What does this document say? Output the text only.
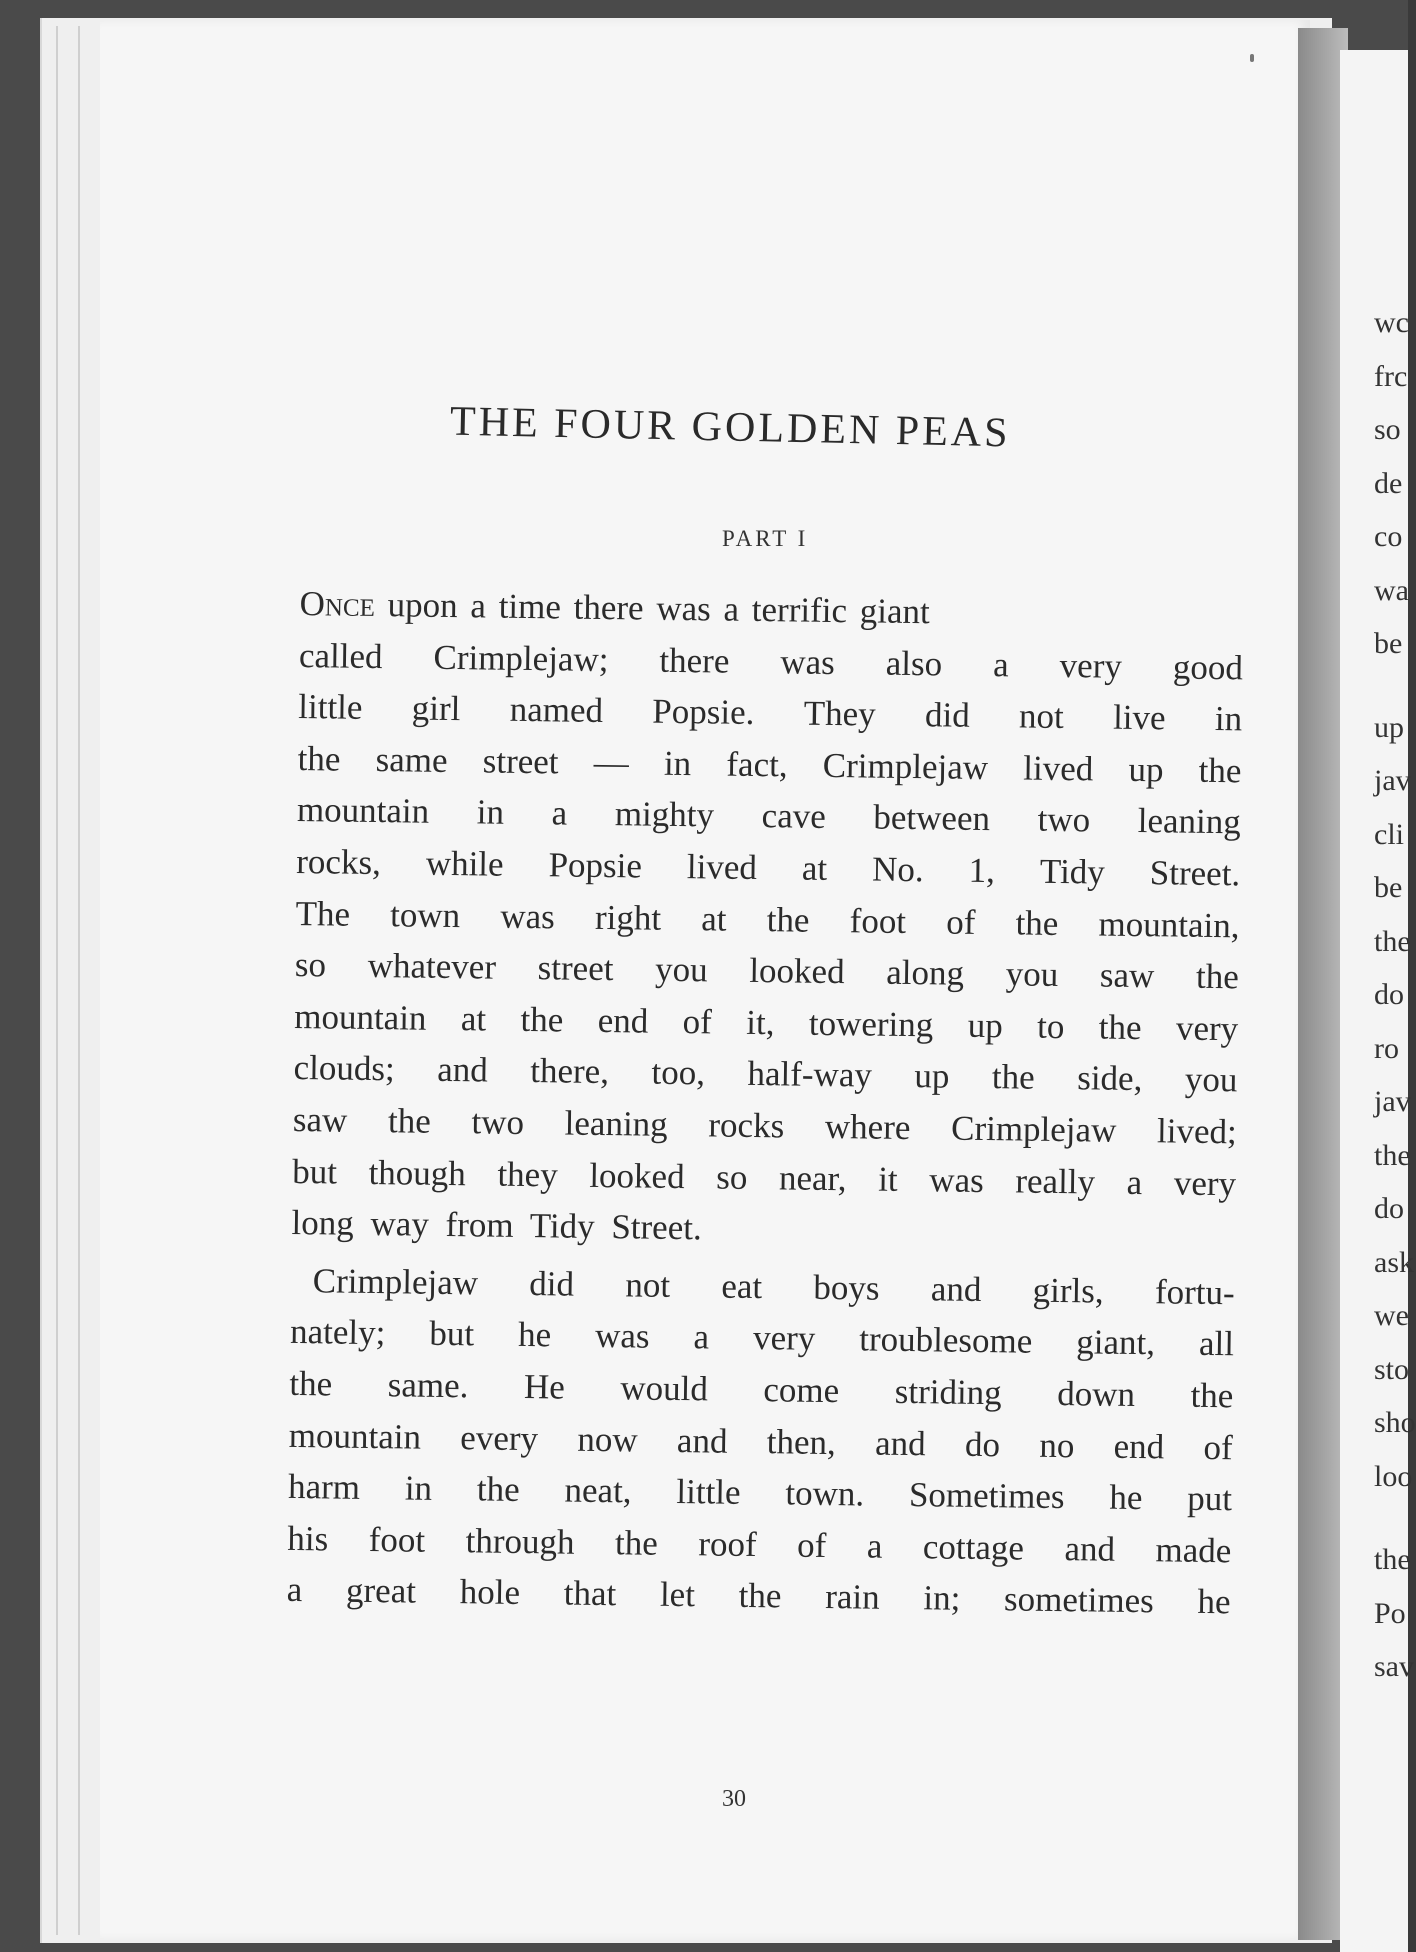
wc
frc
so
de
co
wa
be
up
jav
cli
be
the
do
ro
jav
the
do
ask
we
sto
sho
loo
the
Po
sav
THE FOUR GOLDEN PEAS
PART I
Once upon a time there was a terrific giant
called Crimplejaw; there was also a very good
little girl named Popsie. They did not live in
the same street — in fact, Crimplejaw lived up the
mountain in a mighty cave between two leaning
rocks, while Popsie lived at No. 1, Tidy Street.
The town was right at the foot of the mountain,
so whatever street you looked along you saw the
mountain at the end of it, towering up to the very
clouds; and there, too, half-way up the side, you
saw the two leaning rocks where Crimplejaw lived;
but though they looked so near, it was really a very
long way from Tidy Street.
Crimplejaw did not eat boys and girls, fortu-
nately; but he was a very troublesome giant, all
the same. He would come striding down the
mountain every now and then, and do no end of
harm in the neat, little town. Sometimes he put
his foot through the roof of a cottage and made
a great hole that let the rain in; sometimes he
30
